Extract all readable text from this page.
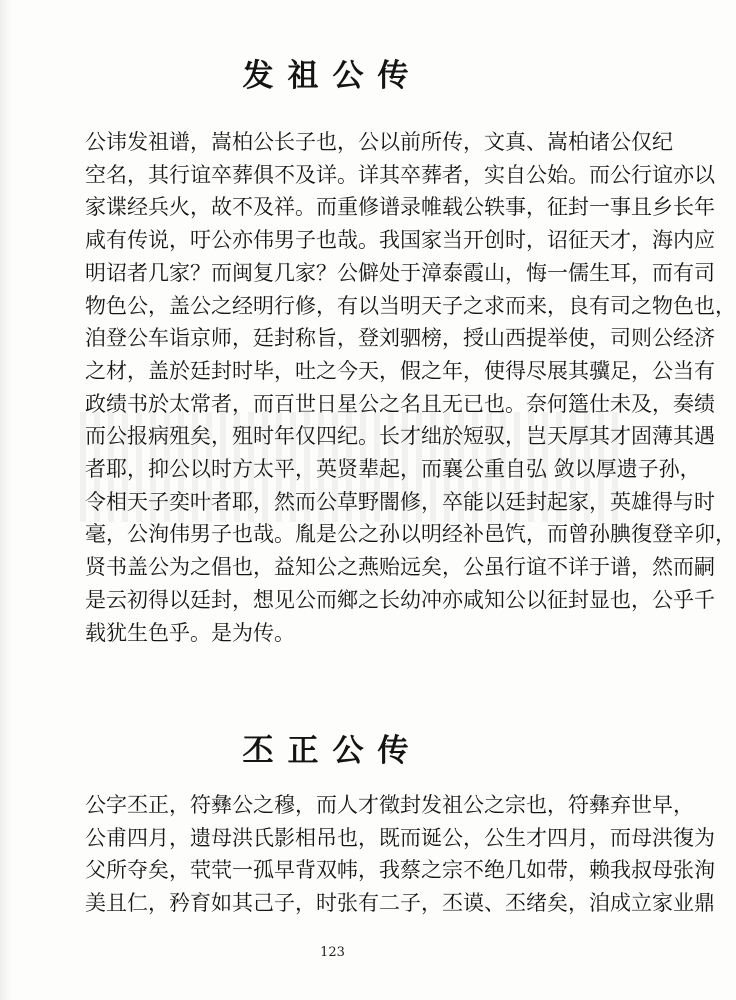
发祖公传
公讳发祖谱，嵩柏公长子也，公以前所传，文真、嵩柏诸公仅纪
空名，其行谊卒葬俱不及详。详其卒葬者，实自公始。而公行谊亦以
家谍经兵火，故不及祥。而重修谱录帷载公轶事，征封一事且乡长年
咸有传说，吁公亦伟男子也哉。我国家当开创时，诏征天才，海内应
明诏者几家？而闽复几家？公僻处于漳泰霞山，悔一儒生耳，而有司
物色公，盖公之经明行修，有以当明天子之求而来，良有司之物色也，
洎登公车诣京师，廷封称旨，登刘驷榜，授山西提举使，司则公经济
之材，盖於廷封时毕，吐之今天，假之年，使得尽展其骥足，公当有
政绩书於太常者，而百世日星公之名且无已也。奈何簉仕未及，奏绩
而公报病殂矣，殂时年仅四纪。长才绌於短驭，岂天厚其才固薄其遇
者耶，抑公以时方太平，英贤辈起，而襄公重自弘 敛以厚遗子孙，
令相天子奕叶者耶，然而公草野闇修，卒能以廷封起家，英雄得与时
毫，公洵伟男子也哉。胤是公之孙以明经补邑饩，而曾孙腆復登辛卯，
贤书盖公为之倡也，益知公之燕贻远矣，公虽行谊不详于谱，然而嗣
是云初得以廷封，想见公而鄉之长幼冲亦咸知公以征封显也，公乎千
载犹生色乎。是为传。
丕正公传
公字丕正，符彝公之穆，而人才徵封发祖公之宗也，符彝弃世早，
公甫四月，遗母洪氏影相吊也，既而诞公，公生才四月，而母洪復为
父所夺矣，茕茕一孤早背双帏，我蔡之宗不绝几如带，赖我叔母张洵
美且仁，矜育如其己子，时张有二子，丕谟、丕绪矣，洎成立家业鼎
123
